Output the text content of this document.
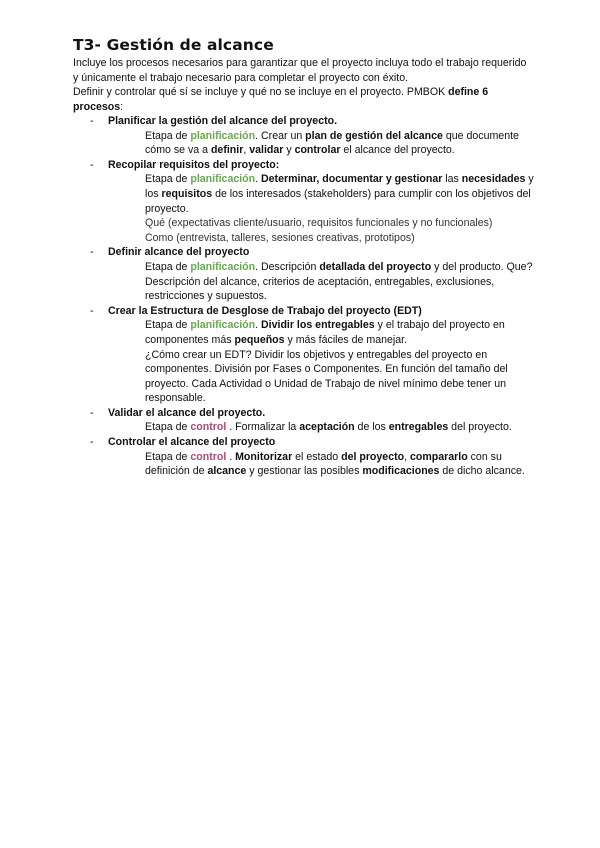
T3- Gestión de alcance

Incluye los procesos necesarios para garantizar que el proyecto incluya todo el trabajo requerido y únicamente el trabajo necesario para completar el proyecto con éxito.

Definir y controlar qué sí se incluye y qué no se incluye en el proyecto. PMBOK define 6 procesos:

- Planificar la gestión del alcance del proyecto.

Etapa de planificación. Crear un plan de gestión del alcance que documente cómo se va a definir, validar y controlar el alcance del proyecto.

- Recopilar requisitos del proyecto:

Etapa de planificación. Determinar, documentar y gestionar las necesidades y los requisitos de los interesados (stakeholders) para cumplir con los objetivos del proyecto.

Qué (expectativas cliente/usuario, requisitos funcionales y no funcionales)

Como (entrevista, talleres, sesiones creativas, prototipos)

- Definir alcance del proyecto

Etapa de planificación. Descripción detallada del proyecto y del producto. Que? Descripción del alcance, criterios de aceptación, entregables, exclusiones, restricciones y supuestos.

- Crear la Estructura de Desglose de Trabajo del proyecto (EDT)

Etapa de planificación. Dividir los entregables y el trabajo del proyecto en componentes más pequeños y más fáciles de manejar.

¿Cómo crear un EDT? Dividir los objetivos y entregables del proyecto en componentes. División por Fases o Componentes. En función del tamaño del proyecto. Cada Actividad o Unidad de Trabajo de nivel mínimo debe tener un responsable.

- Validar el alcance del proyecto.

Etapa de control . Formalizar la aceptación de los entregables del proyecto.

- Controlar el alcance del proyecto

Etapa de control . Monitorizar el estado del proyecto, compararlo con su definición de alcance y gestionar las posibles modificaciones de dicho alcance.
